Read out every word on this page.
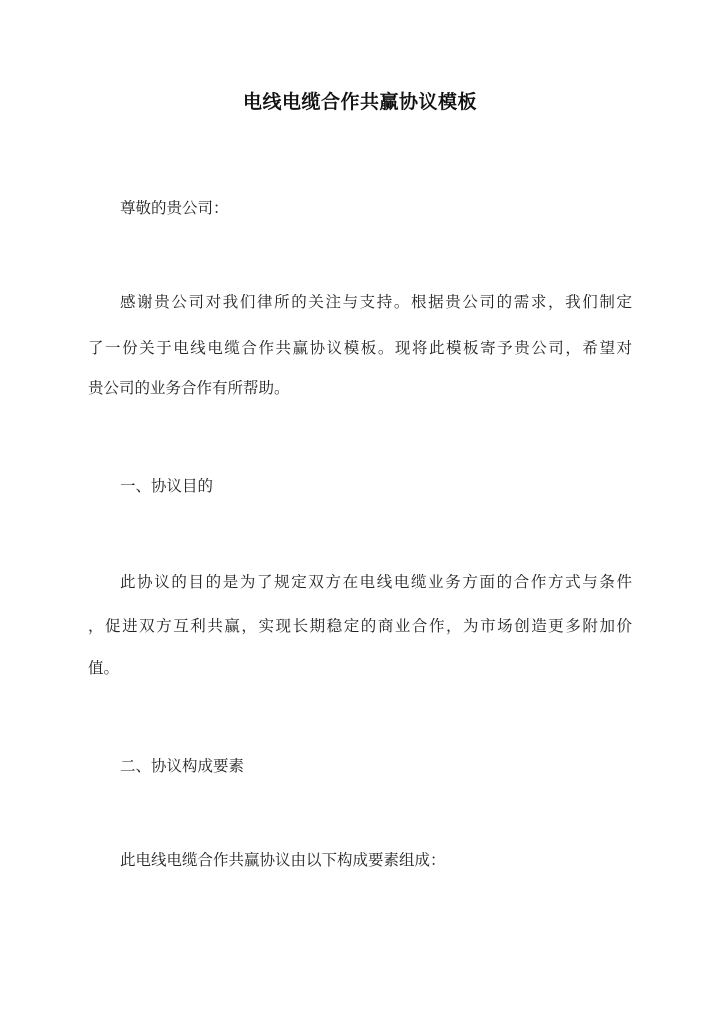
电线电缆合作共赢协议模板
尊敬的贵公司：
感谢贵公司对我们律所的关注与支持。根据贵公司的需求，我们制定
了一份关于电线电缆合作共赢协议模板。现将此模板寄予贵公司，希望对
贵公司的业务合作有所帮助。
一、协议目的
此协议的目的是为了规定双方在电线电缆业务方面的合作方式与条件
，促进双方互利共赢，实现长期稳定的商业合作，为市场创造更多附加价
值。
二、协议构成要素
此电线电缆合作共赢协议由以下构成要素组成：
